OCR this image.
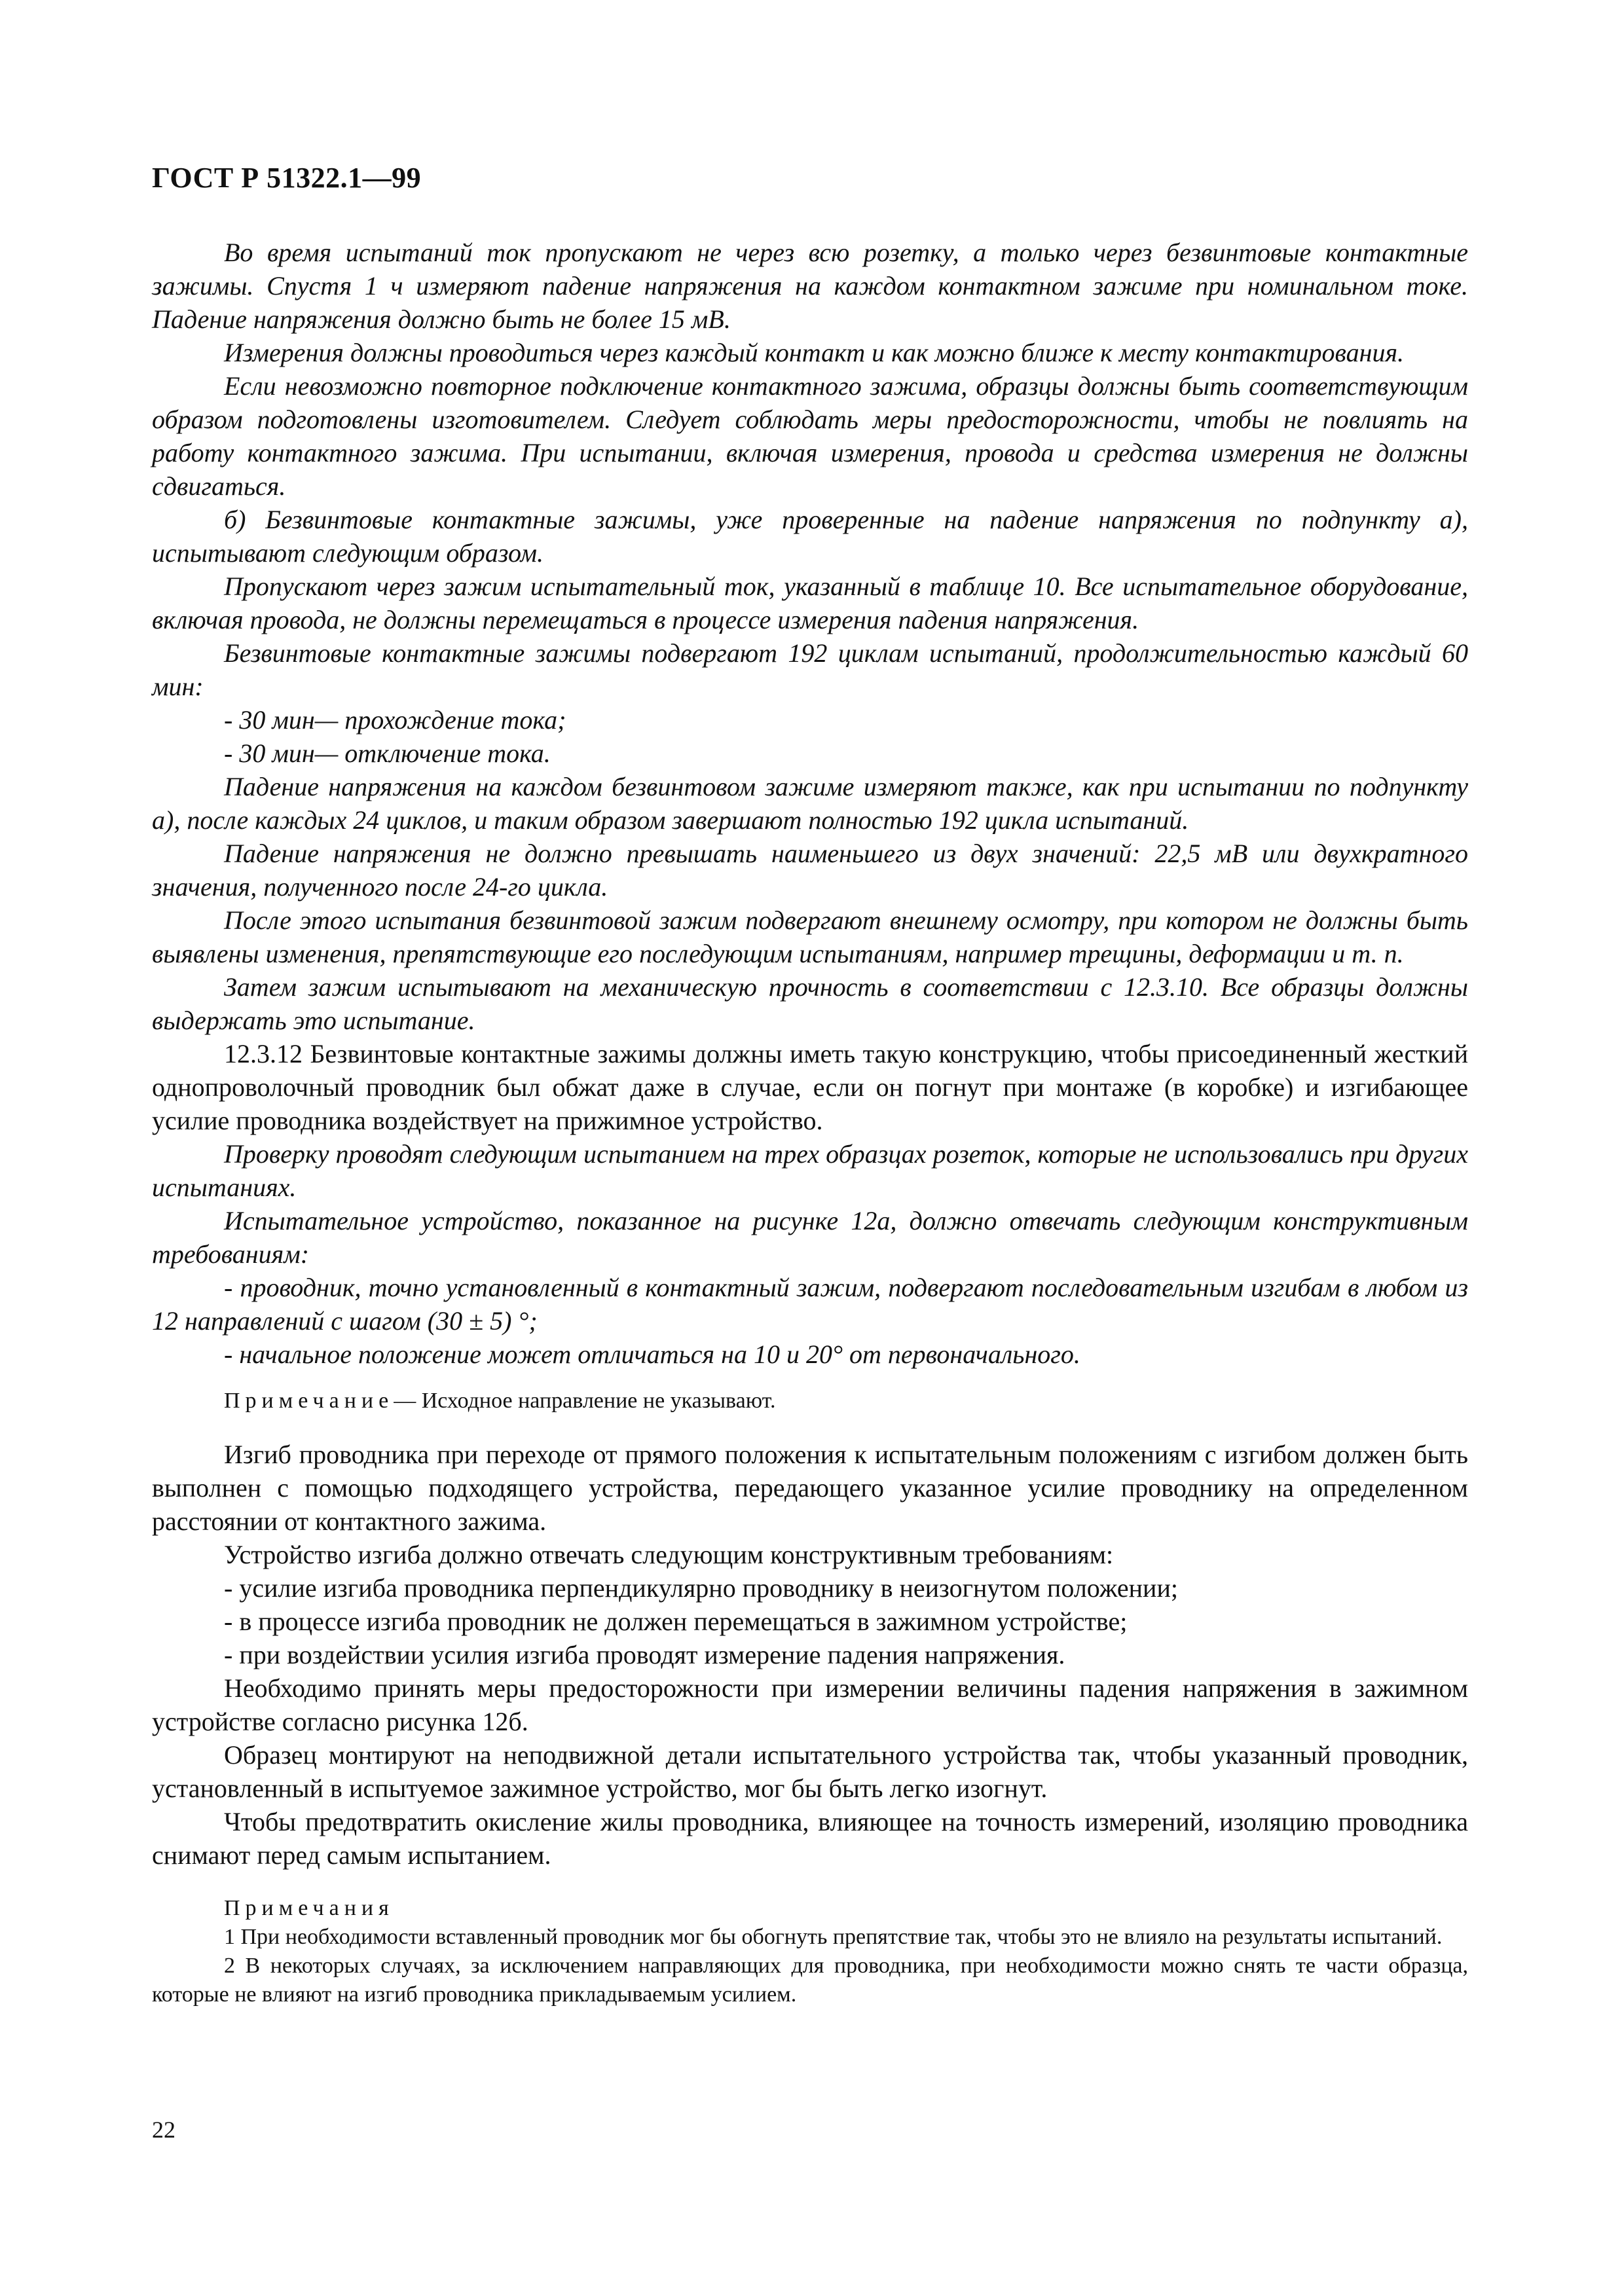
ГОСТ Р 51322.1—99

Во время испытаний ток пропускают не через всю розетку, а только через безвинтовые контактные зажимы. Спустя 1 ч измеряют падение напряжения на каждом контактном зажиме при номинальном токе. Падение напряжения должно быть не более 15 мВ.

Измерения должны проводиться через каждый контакт и как можно ближе к месту контактирования.

Если невозможно повторное подключение контактного зажима, образцы должны быть соответствующим образом подготовлены изготовителем. Следует соблюдать меры предосторожности, чтобы не повлиять на работу контактного зажима. При испытании, включая измерения, провода и средства измерения не должны сдвигаться.

б) Безвинтовые контактные зажимы, уже проверенные на падение напряжения по подпункту а), испытывают следующим образом.

Пропускают через зажим испытательный ток, указанный в таблице 10. Все испытательное оборудование, включая провода, не должны перемещаться в процессе измерения падения напряжения.

Безвинтовые контактные зажимы подвергают 192 циклам испытаний, продолжительностью каждый 60 мин:

- 30 мин— прохождение тока;

- 30 мин— отключение тока.

Падение напряжения на каждом безвинтовом зажиме измеряют также, как при испытании по подпункту а), после каждых 24 циклов, и таким образом завершают полностью 192 цикла испытаний.

Падение напряжения не должно превышать наименьшего из двух значений: 22,5 мВ или двухкратного значения, полученного после 24-го цикла.

После этого испытания безвинтовой зажим подвергают внешнему осмотру, при котором не должны быть выявлены изменения, препятствующие его последующим испытаниям, например трещины, деформации и т. п.

Затем зажим испытывают на механическую прочность в соответствии с 12.3.10. Все образцы должны выдержать это испытание.

12.3.12 Безвинтовые контактные зажимы должны иметь такую конструкцию, чтобы присоединенный жесткий однопроволочный проводник был обжат даже в случае, если он погнут при монтаже (в коробке) и изгибающее усилие проводника воздействует на прижимное устройство.

Проверку проводят следующим испытанием на трех образцах розеток, которые не использовались при других испытаниях.

Испытательное устройство, показанное на рисунке 12а, должно отвечать следующим конструктивным требованиям:

- проводник, точно установленный в контактный зажим, подвергают последовательным изгибам в любом из 12 направлений с шагом (30 ± 5) °;

- начальное положение может отличаться на 10 и 20° от первоначального.

Примечание— Исходное направление не указывают.

Изгиб проводника при переходе от прямого положения к испытательным положениям с изгибом должен быть выполнен с помощью подходящего устройства, передающего указанное усилие проводнику на определенном расстоянии от контактного зажима.

Устройство изгиба должно отвечать следующим конструктивным требованиям:

- усилие изгиба проводника перпендикулярно проводнику в неизогнутом положении;

- в процессе изгиба проводник не должен перемещаться в зажимном устройстве;

- при воздействии усилия изгиба проводят измерение падения напряжения.

Необходимо принять меры предосторожности при измерении величины падения напряжения в зажимном устройстве согласно рисунка 12б.

Образец монтируют на неподвижной детали испытательного устройства так, чтобы указанный проводник, установленный в испытуемое зажимное устройство, мог бы быть легко изогнут.

Чтобы предотвратить окисление жилы проводника, влияющее на точность измерений, изоляцию проводника снимают перед самым испытанием.

Примечания

1 При необходимости вставленный проводник мог бы обогнуть препятствие так, чтобы это не влияло на результаты испытаний.

2 В некоторых случаях, за исключением направляющих для проводника, при необходимости можно снять те части образца, которые не влияют на изгиб проводника прикладываемым усилием.

22
